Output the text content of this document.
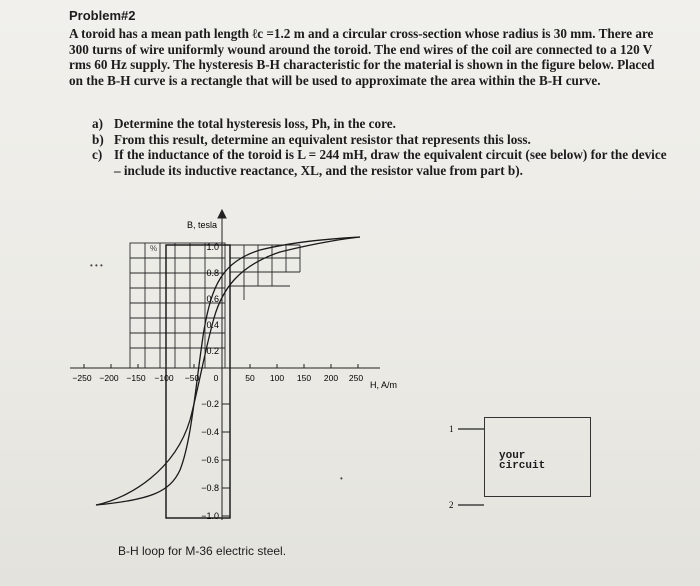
Problem#2
A toroid has a mean path length ℓc =1.2 m and a circular cross-section whose radius is 30 mm. There are 300 turns of wire uniformly wound around the toroid. The end wires of the coil are connected to a 120 V rms 60 Hz supply. The hysteresis B-H characteristic for the material is shown in the figure below. Placed on the B-H curve is a rectangle that will be used to approximate the area within the B-H curve.
a) Determine the total hysteresis loss, Ph, in the core.
b) From this result, determine an equivalent resistor that represents this loss.
c) If the inductance of the toroid is L = 244 mH, draw the equivalent circuit (see below) for the device – include its inductive reactance, XL, and the resistor value from part b).
B, tesla
H, A/m
1.0
0.8
0.6
0.4
0.2
−0.2
−0.4
−0.6
−0.8
−1.0
−250 −200 −150 −100 −50 0	50 100 150 200 250
1
2
your
circuit
• • •
%
•
B-H loop for M-36 electric steel.
